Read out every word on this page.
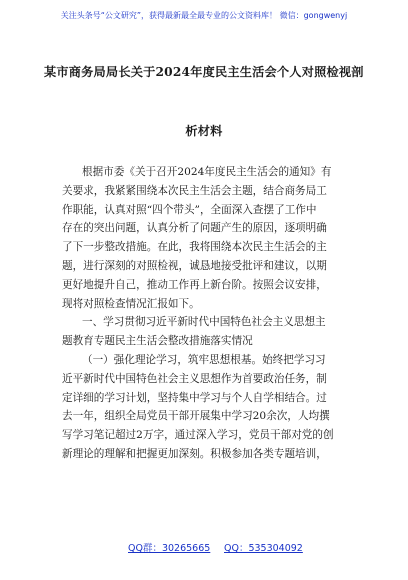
关注头条号“公文研究”，获得最新最全最专业的公文资料库！ 微信：gongwenyj
某市商务局局长关于2024年度民主生活会个人对照检视剖
析材料
根据市委《关于召开2024年度民主生活会的通知》有
关要求，我紧紧围绕本次民主生活会主题，结合商务局工
作职能，认真对照“四个带头”，全面深入查摆了工作中
存在的突出问题，认真分析了问题产生的原因，逐项明确
了下一步整改措施。在此，我将围绕本次民主生活会的主
题，进行深刻的对照检视，诚恳地接受批评和建议，以期
更好地提升自己，推动工作再上新台阶。按照会议安排，
现将对照检查情况汇报如下。
一、学习贯彻习近平新时代中国特色社会主义思想主
题教育专题民主生活会整改措施落实情况
（一）强化理论学习，筑牢思想根基。始终把学习习
近平新时代中国特色社会主义思想作为首要政治任务，制
定详细的学习计划，坚持集中学习与个人自学相结合。过
去一年，组织全局党员干部开展集中学习20余次，人均撰
写学习笔记超过2万字，通过深入学习，党员干部对党的创
新理论的理解和把握更加深刻。积极参加各类专题培训，
QQ群：30265665 QQ：535304092
